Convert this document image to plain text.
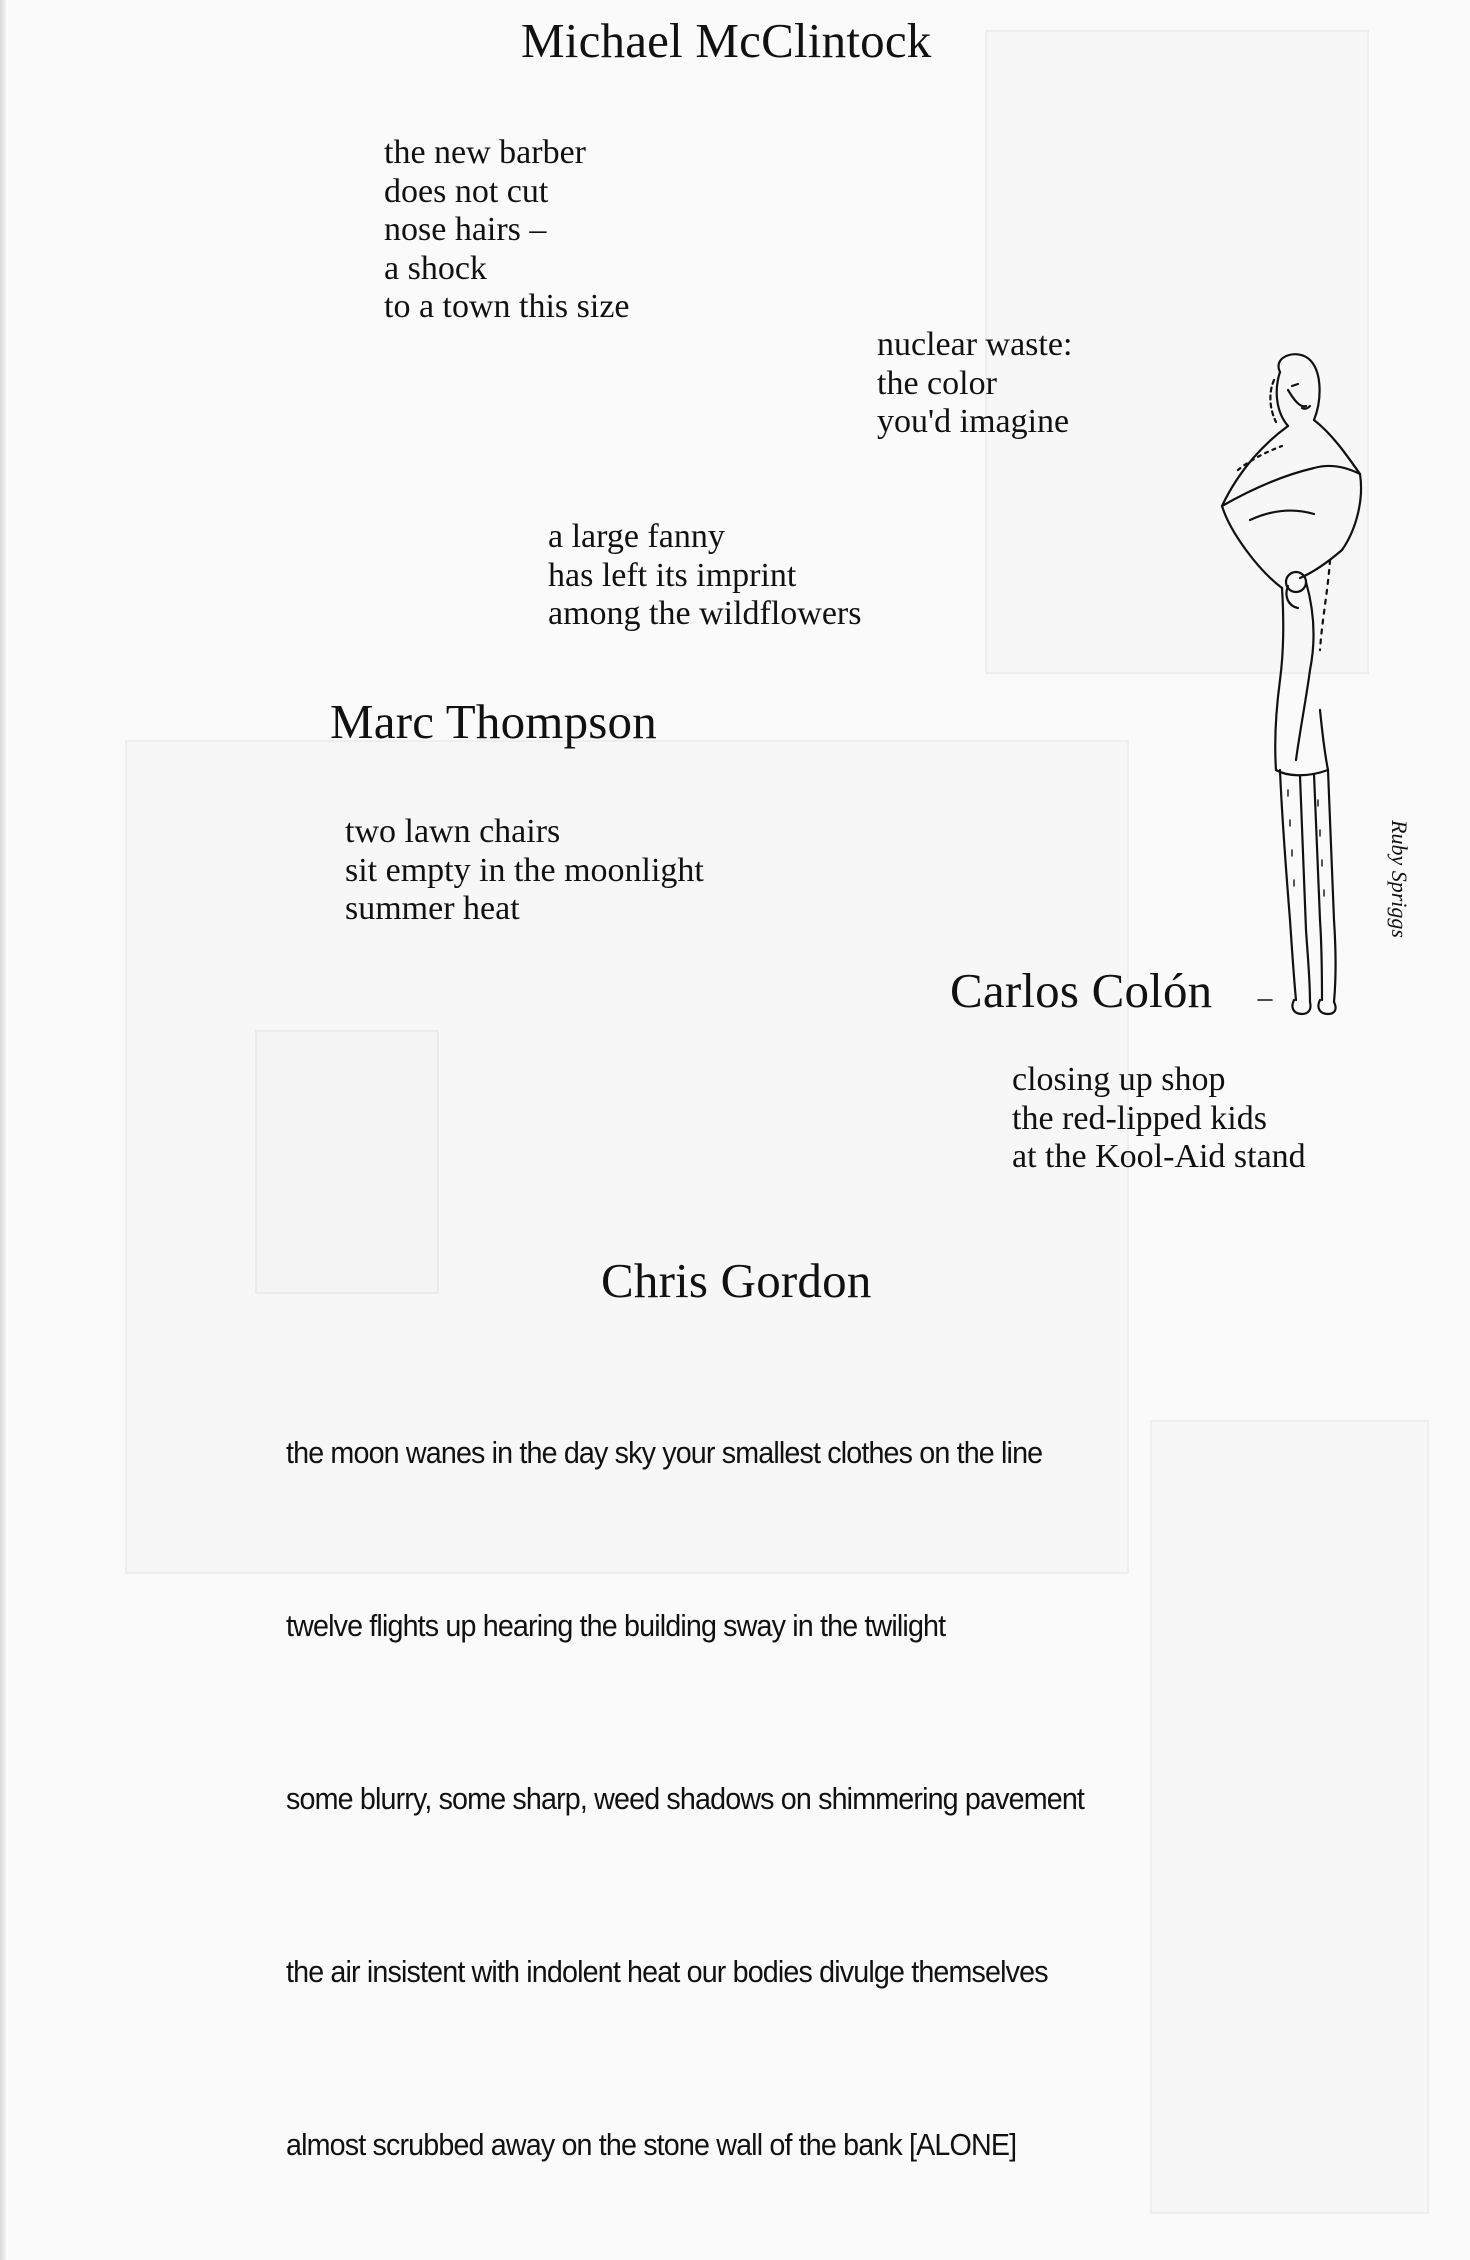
Michael McClintock
the new barber
does not cut
nose hairs –
a shock
to a town this size
nuclear waste:
the color
you'd imagine
a large fanny
has left its imprint
among the wildflowers
Marc Thompson
two lawn chairs
sit empty in the moonlight
summer heat
Carlos Colón
closing up shop
the red-lipped kids
at the Kool-Aid stand
Chris Gordon
the moon wanes in the day sky your smallest clothes on the line
twelve flights up hearing the building sway in the twilight
some blurry, some sharp, weed shadows on shimmering pavement
the air insistent with indolent heat our bodies divulge themselves
almost scrubbed away on the stone wall of the bank [ALONE]
Ruby Spriggs
